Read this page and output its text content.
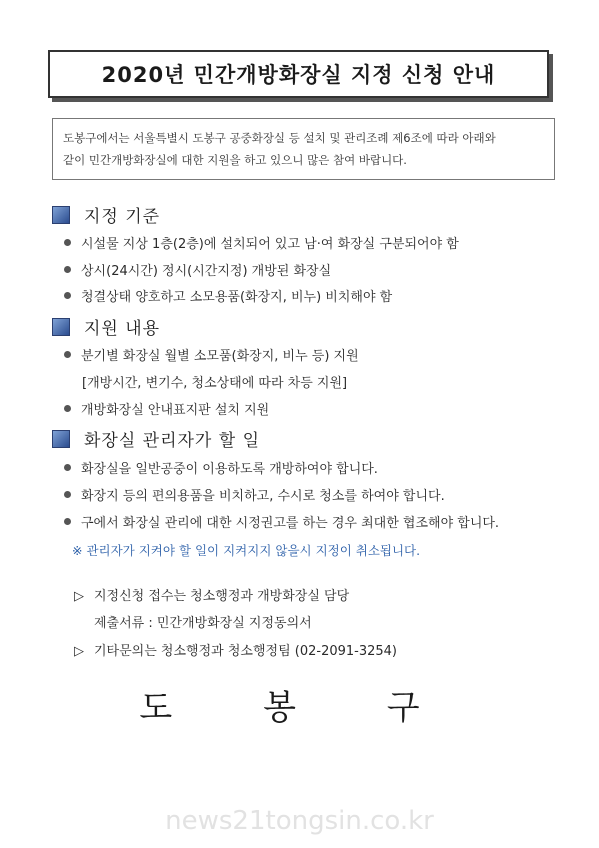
2020년 민간개방화장실 지정 신청 안내
도봉구에서는 서울특별시 도봉구 공중화장실 등 설치 및 관리조례 제6조에 따라 아래와
같이 민간개방화장실에 대한 지원을 하고 있으니 많은 참여 바랍니다.
지정 기준
시설물 지상 1층(2층)에 설치되어 있고 남·여 화장실 구분되어야 함
상시(24시간) 정시(시간지정) 개방된 화장실
청결상태 양호하고 소모용품(화장지, 비누) 비치해야 함
지원 내용
분기별 화장실 월별 소모품(화장지, 비누 등) 지원
[개방시간, 변기수, 청소상태에 따라 차등 지원]
개방화장실 안내표지판 설치 지원
화장실 관리자가 할 일
화장실을 일반공중이 이용하도록 개방하여야 합니다.
화장지 등의 편의용품을 비치하고, 수시로 청소를 하여야 합니다.
구에서 화장실 관리에 대한 시정권고를 하는 경우 최대한 협조해야 합니다.
※ 관리자가 지켜야 할 일이 지켜지지 않을시 지정이 취소됩니다.
▷ 지정신청 접수는 청소행정과 개방화장실 담당
제출서류 : 민간개방화장실 지정동의서
▷ 기타문의는 청소행정과 청소행정팀 (02-2091-3254)
도 봉 구
news21tongsin.co.kr
